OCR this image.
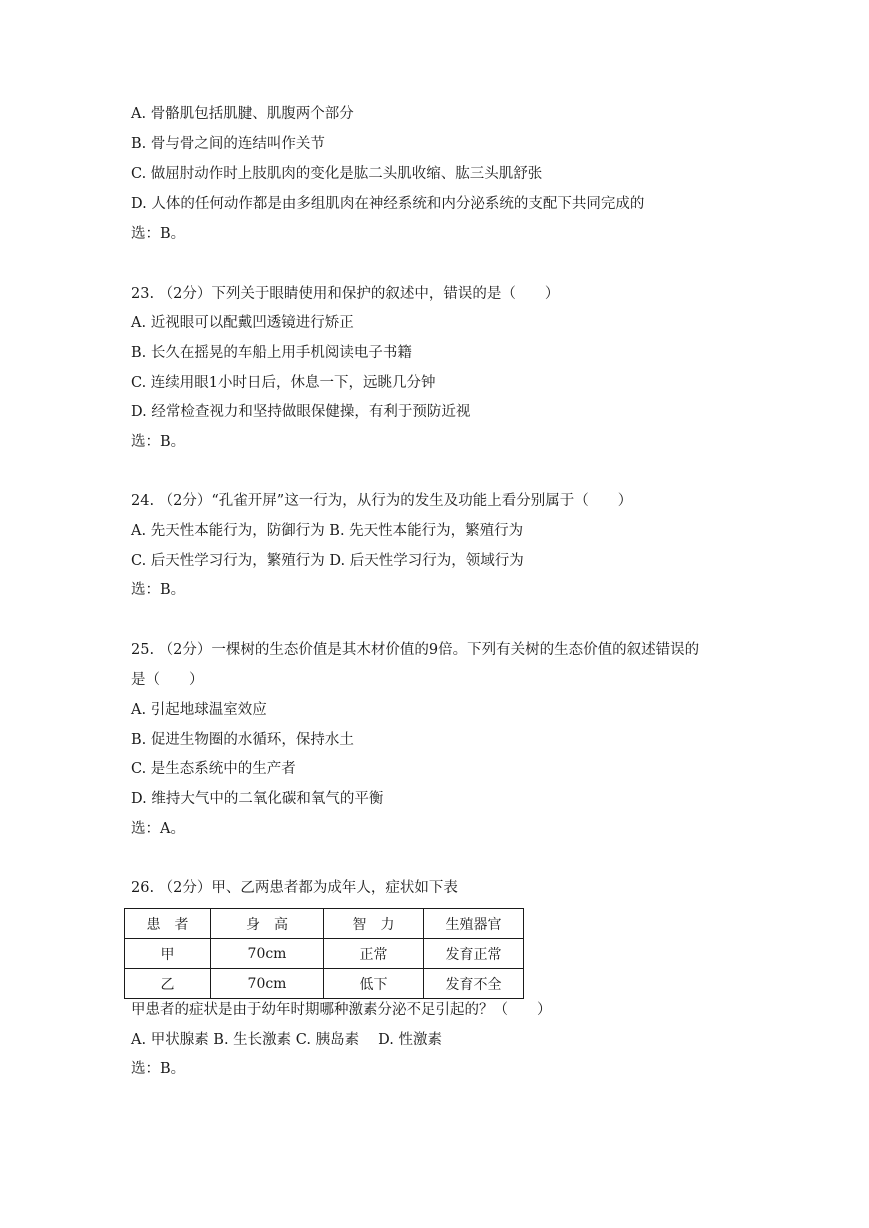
A. 骨骼肌包括肌腱、肌腹两个部分
B. 骨与骨之间的连结叫作关节
C. 做屈肘动作时上肢肌肉的变化是肱二头肌收缩、肱三头肌舒张
D. 人体的任何动作都是由多组肌肉在神经系统和内分泌系统的支配下共同完成的
选：B。
23. （2分）下列关于眼睛使用和保护的叙述中，错误的是（　　）
A. 近视眼可以配戴凹透镜进行矫正
B. 长久在摇晃的车船上用手机阅读电子书籍
C. 连续用眼1小时日后，休息一下，远眺几分钟
D. 经常检查视力和坚持做眼保健操，有利于预防近视
选：B。
24. （2分）“孔雀开屏”这一行为，从行为的发生及功能上看分别属于（　　）
A. 先天性本能行为，防御行为 B. 先天性本能行为，繁殖行为
C. 后天性学习行为，繁殖行为 D. 后天性学习行为，领域行为
选：B。
25. （2分）一棵树的生态价值是其木材价值的9倍。下列有关树的生态价值的叙述错误的
是（　　）
A. 引起地球温室效应
B. 促进生物圈的水循环，保持水土
C. 是生态系统中的生产者
D. 维持大气中的二氧化碳和氧气的平衡
选：A。
26. （2分）甲、乙两患者都为成年人，症状如下表
患　者	身　高	智　力	生殖器官
甲	70cm	正常	发育正常
乙	70cm	低下	发育不全
甲患者的症状是由于幼年时期哪种激素分泌不足引起的？（　　）
A. 甲状腺素 B. 生长激素 C. 胰岛素　 D. 性激素
选：B。
